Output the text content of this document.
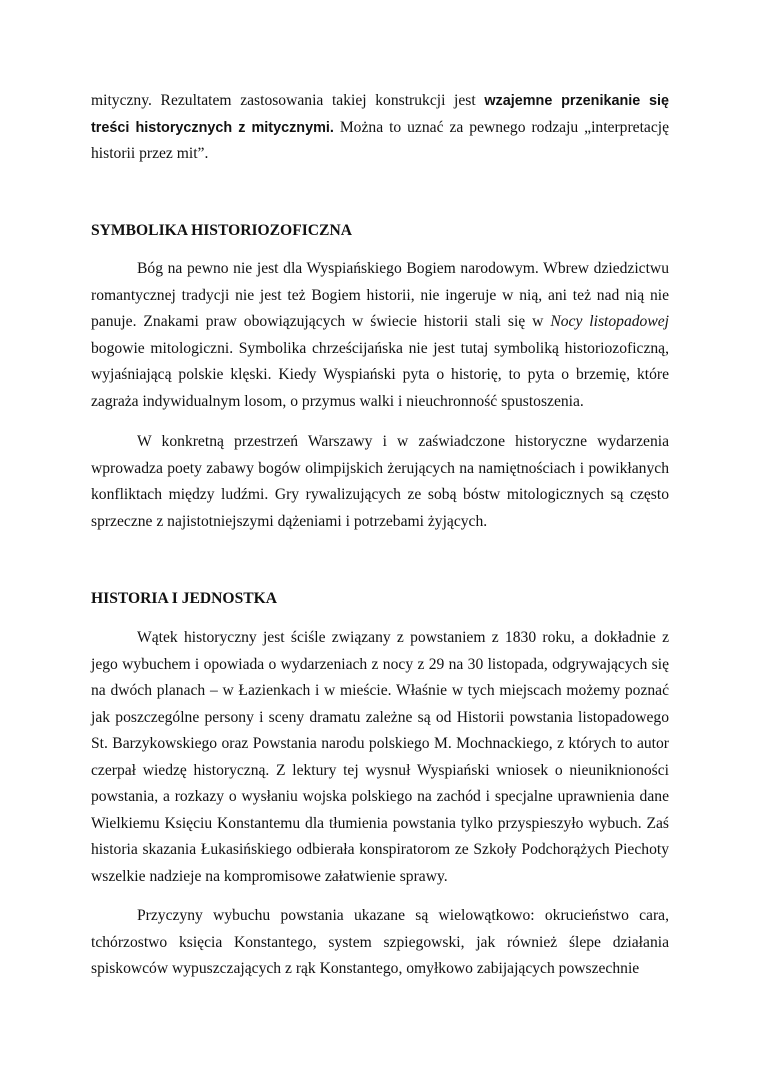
mityczny. Rezultatem zastosowania takiej konstrukcji jest wzajemne przenikanie się treści historycznych z mitycznymi. Można to uznać za pewnego rodzaju „interpretację historii przez mit”.

SYMBOLIKA HISTORIOZOFICZNA

Bóg na pewno nie jest dla Wyspiańskiego Bogiem narodowym. Wbrew dziedzictwu romantycznej tradycji nie jest też Bogiem historii, nie ingeruje w nią, ani też nad nią nie panuje. Znakami praw obowiązujących w świecie historii stali się w Nocy listopadowej bogowie mitologiczni. Symbolika chrześcijańska nie jest tutaj symboliką historiozoficzną, wyjaśniającą polskie klęski. Kiedy Wyspiański pyta o historię, to pyta o brzemię, które zagraża indywidualnym losom, o przymus walki i nieuchronność spustoszenia.

W konkretną przestrzeń Warszawy i w zaświadczone historyczne wydarzenia wprowadza poety zabawy bogów olimpijskich żerujących na namiętnościach i powikłanych konfliktach między ludźmi. Gry rywalizujących ze sobą bóstw mitologicznych są często sprzeczne z najistotniejszymi dążeniami i potrzebami żyjących.

HISTORIA I JEDNOSTKA

Wątek historyczny jest ściśle związany z powstaniem z 1830 roku, a dokładnie z jego wybuchem i opowiada o wydarzeniach z nocy z 29 na 30 listopada, odgrywających się na dwóch planach – w Łazienkach i w mieście. Właśnie w tych miejscach możemy poznać jak poszczególne persony i sceny dramatu zależne są od Historii powstania listopadowego St. Barzykowskiego oraz Powstania narodu polskiego M. Mochnackiego, z których to autor czerpał wiedzę historyczną. Z lektury tej wysnuł Wyspiański wniosek o nieuniknioności powstania, a rozkazy o wysłaniu wojska polskiego na zachód i specjalne uprawnienia dane Wielkiemu Księciu Konstantemu dla tłumienia powstania tylko przyspieszyło wybuch. Zaś historia skazania Łukasińskiego odbierała konspiratorom ze Szkoły Podchorążych Piechoty wszelkie nadzieje na kompromisowe załatwienie sprawy.

Przyczyny wybuchu powstania ukazane są wielowątkowo: okrucieństwo cara, tchórzostwo księcia Konstantego, system szpiegowski, jak również ślepe działania spiskowców wypuszczających z rąk Konstantego, omyłkowo zabijających powszechnie
